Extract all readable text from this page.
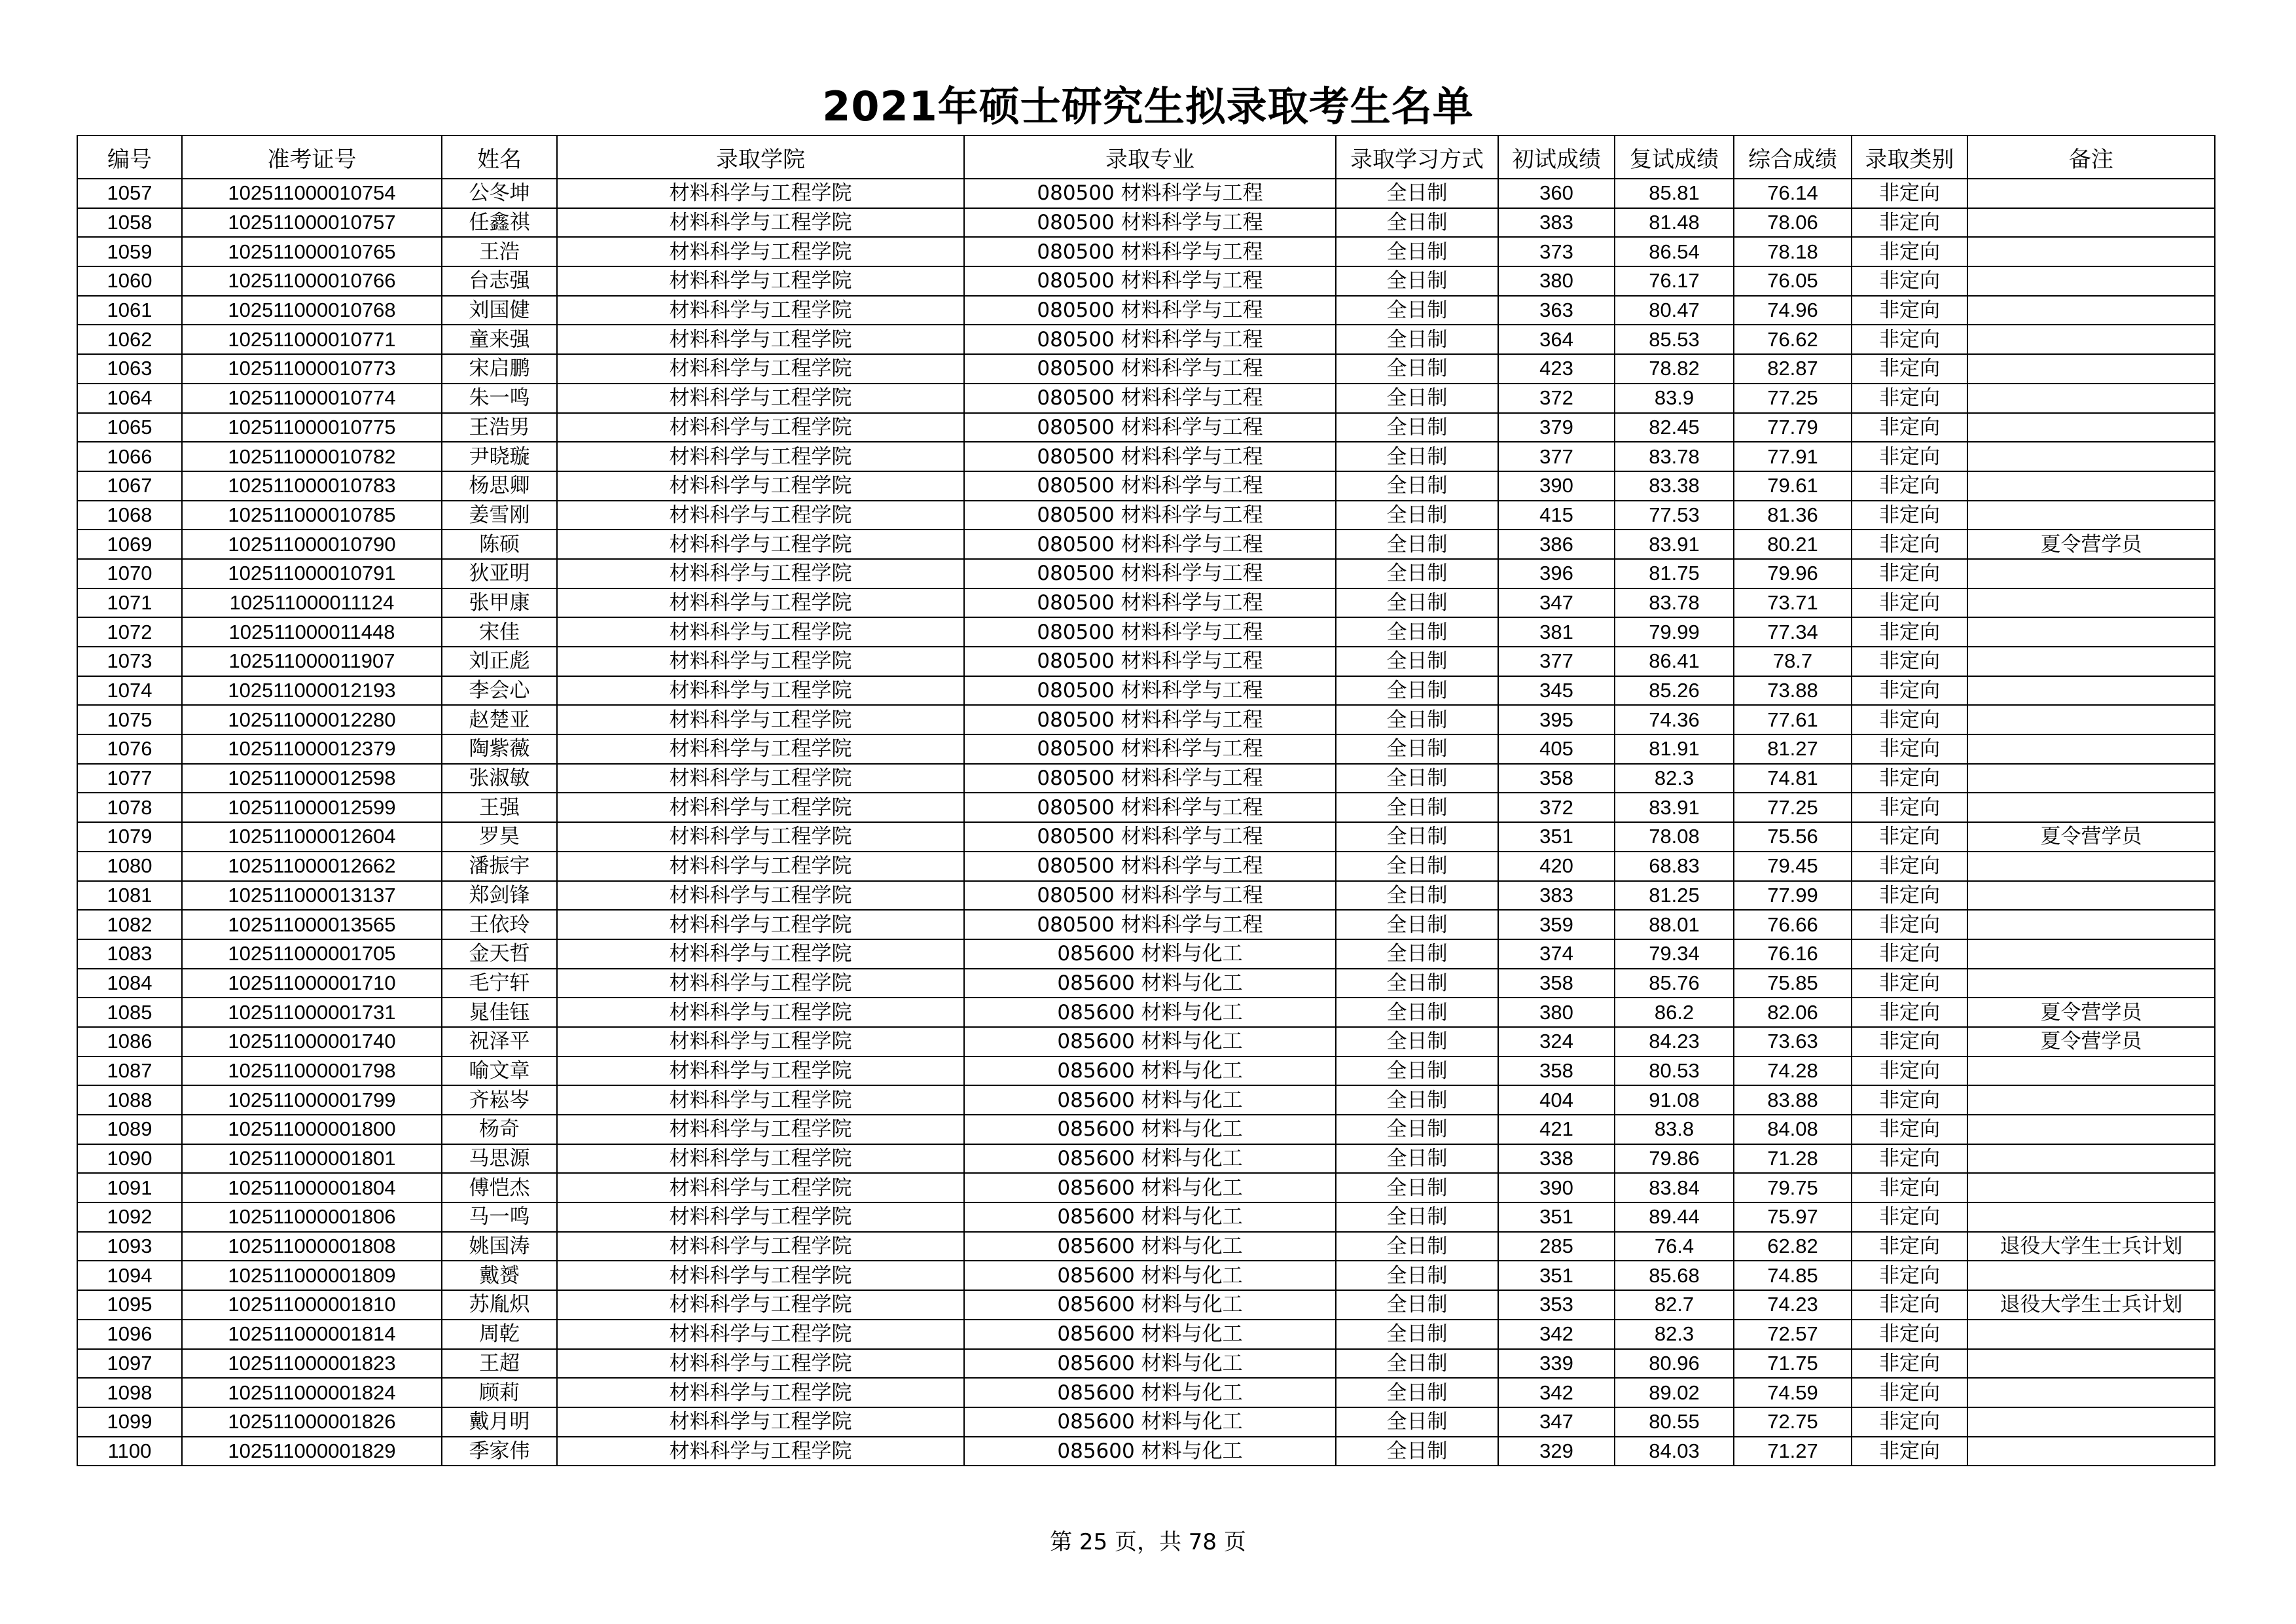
2021年硕士研究生拟录取考生名单
编号	准考证号	姓名	录取学院	录取专业	录取学习方式	初试成绩	复试成绩	综合成绩	录取类别	备注
1057	102511000010754	公冬坤	材料科学与工程学院	080500 材料科学与工程	全日制	360	85.81	76.14	非定向	
1058	102511000010757	任鑫祺	材料科学与工程学院	080500 材料科学与工程	全日制	383	81.48	78.06	非定向	
1059	102511000010765	王浩	材料科学与工程学院	080500 材料科学与工程	全日制	373	86.54	78.18	非定向	
1060	102511000010766	台志强	材料科学与工程学院	080500 材料科学与工程	全日制	380	76.17	76.05	非定向	
1061	102511000010768	刘国健	材料科学与工程学院	080500 材料科学与工程	全日制	363	80.47	74.96	非定向	
1062	102511000010771	童来强	材料科学与工程学院	080500 材料科学与工程	全日制	364	85.53	76.62	非定向	
1063	102511000010773	宋启鹏	材料科学与工程学院	080500 材料科学与工程	全日制	423	78.82	82.87	非定向	
1064	102511000010774	朱一鸣	材料科学与工程学院	080500 材料科学与工程	全日制	372	83.9	77.25	非定向	
1065	102511000010775	王浩男	材料科学与工程学院	080500 材料科学与工程	全日制	379	82.45	77.79	非定向	
1066	102511000010782	尹晓璇	材料科学与工程学院	080500 材料科学与工程	全日制	377	83.78	77.91	非定向	
1067	102511000010783	杨思卿	材料科学与工程学院	080500 材料科学与工程	全日制	390	83.38	79.61	非定向	
1068	102511000010785	姜雪刚	材料科学与工程学院	080500 材料科学与工程	全日制	415	77.53	81.36	非定向	
1069	102511000010790	陈硕	材料科学与工程学院	080500 材料科学与工程	全日制	386	83.91	80.21	非定向	夏令营学员
1070	102511000010791	狄亚明	材料科学与工程学院	080500 材料科学与工程	全日制	396	81.75	79.96	非定向	
1071	102511000011124	张甲康	材料科学与工程学院	080500 材料科学与工程	全日制	347	83.78	73.71	非定向	
1072	102511000011448	宋佳	材料科学与工程学院	080500 材料科学与工程	全日制	381	79.99	77.34	非定向	
1073	102511000011907	刘正彪	材料科学与工程学院	080500 材料科学与工程	全日制	377	86.41	78.7	非定向	
1074	102511000012193	李会心	材料科学与工程学院	080500 材料科学与工程	全日制	345	85.26	73.88	非定向	
1075	102511000012280	赵楚亚	材料科学与工程学院	080500 材料科学与工程	全日制	395	74.36	77.61	非定向	
1076	102511000012379	陶紫薇	材料科学与工程学院	080500 材料科学与工程	全日制	405	81.91	81.27	非定向	
1077	102511000012598	张淑敏	材料科学与工程学院	080500 材料科学与工程	全日制	358	82.3	74.81	非定向	
1078	102511000012599	王强	材料科学与工程学院	080500 材料科学与工程	全日制	372	83.91	77.25	非定向	
1079	102511000012604	罗昊	材料科学与工程学院	080500 材料科学与工程	全日制	351	78.08	75.56	非定向	夏令营学员
1080	102511000012662	潘振宇	材料科学与工程学院	080500 材料科学与工程	全日制	420	68.83	79.45	非定向	
1081	102511000013137	郑剑锋	材料科学与工程学院	080500 材料科学与工程	全日制	383	81.25	77.99	非定向	
1082	102511000013565	王依玲	材料科学与工程学院	080500 材料科学与工程	全日制	359	88.01	76.66	非定向	
1083	102511000001705	金天哲	材料科学与工程学院	085600 材料与化工	全日制	374	79.34	76.16	非定向	
1084	102511000001710	毛宁轩	材料科学与工程学院	085600 材料与化工	全日制	358	85.76	75.85	非定向	
1085	102511000001731	晁佳钰	材料科学与工程学院	085600 材料与化工	全日制	380	86.2	82.06	非定向	夏令营学员
1086	102511000001740	祝泽平	材料科学与工程学院	085600 材料与化工	全日制	324	84.23	73.63	非定向	夏令营学员
1087	102511000001798	喻文章	材料科学与工程学院	085600 材料与化工	全日制	358	80.53	74.28	非定向	
1088	102511000001799	齐崧岑	材料科学与工程学院	085600 材料与化工	全日制	404	91.08	83.88	非定向	
1089	102511000001800	杨奇	材料科学与工程学院	085600 材料与化工	全日制	421	83.8	84.08	非定向	
1090	102511000001801	马思源	材料科学与工程学院	085600 材料与化工	全日制	338	79.86	71.28	非定向	
1091	102511000001804	傅恺杰	材料科学与工程学院	085600 材料与化工	全日制	390	83.84	79.75	非定向	
1092	102511000001806	马一鸣	材料科学与工程学院	085600 材料与化工	全日制	351	89.44	75.97	非定向	
1093	102511000001808	姚国涛	材料科学与工程学院	085600 材料与化工	全日制	285	76.4	62.82	非定向	退役大学生士兵计划
1094	102511000001809	戴赟	材料科学与工程学院	085600 材料与化工	全日制	351	85.68	74.85	非定向	
1095	102511000001810	苏胤炽	材料科学与工程学院	085600 材料与化工	全日制	353	82.7	74.23	非定向	退役大学生士兵计划
1096	102511000001814	周乾	材料科学与工程学院	085600 材料与化工	全日制	342	82.3	72.57	非定向	
1097	102511000001823	王超	材料科学与工程学院	085600 材料与化工	全日制	339	80.96	71.75	非定向	
1098	102511000001824	顾莉	材料科学与工程学院	085600 材料与化工	全日制	342	89.02	74.59	非定向	
1099	102511000001826	戴月明	材料科学与工程学院	085600 材料与化工	全日制	347	80.55	72.75	非定向	
1100	102511000001829	季家伟	材料科学与工程学院	085600 材料与化工	全日制	329	84.03	71.27	非定向	
第 25 页，共 78 页
